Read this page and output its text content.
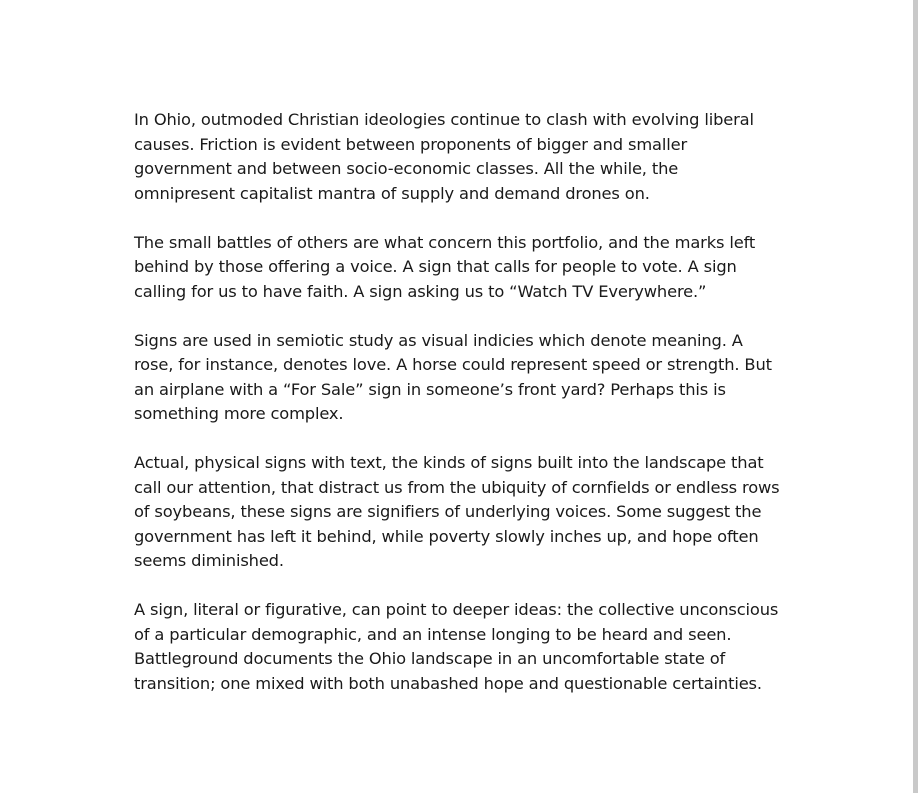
In Ohio, outmoded Christian ideologies continue to clash with evolving liberal
causes. Friction is evident between proponents of bigger and smaller
government and between socio-economic classes. All the while, the
omnipresent capitalist mantra of supply and demand drones on.

The small battles of others are what concern this portfolio, and the marks left
behind by those offering a voice. A sign that calls for people to vote. A sign
calling for us to have faith. A sign asking us to “Watch TV Everywhere.”

Signs are used in semiotic study as visual indicies which denote meaning. A
rose, for instance, denotes love. A horse could represent speed or strength. But
an airplane with a “For Sale” sign in someone’s front yard? Perhaps this is
something more complex.

Actual, physical signs with text, the kinds of signs built into the landscape that
call our attention, that distract us from the ubiquity of cornfields or endless rows
of soybeans, these signs are signifiers of underlying voices. Some suggest the
government has left it behind, while poverty slowly inches up, and hope often
seems diminished.

A sign, literal or figurative, can point to deeper ideas: the collective unconscious
of a particular demographic, and an intense longing to be heard and seen.
Battleground documents the Ohio landscape in an uncomfortable state of
transition; one mixed with both unabashed hope and questionable certainties.
